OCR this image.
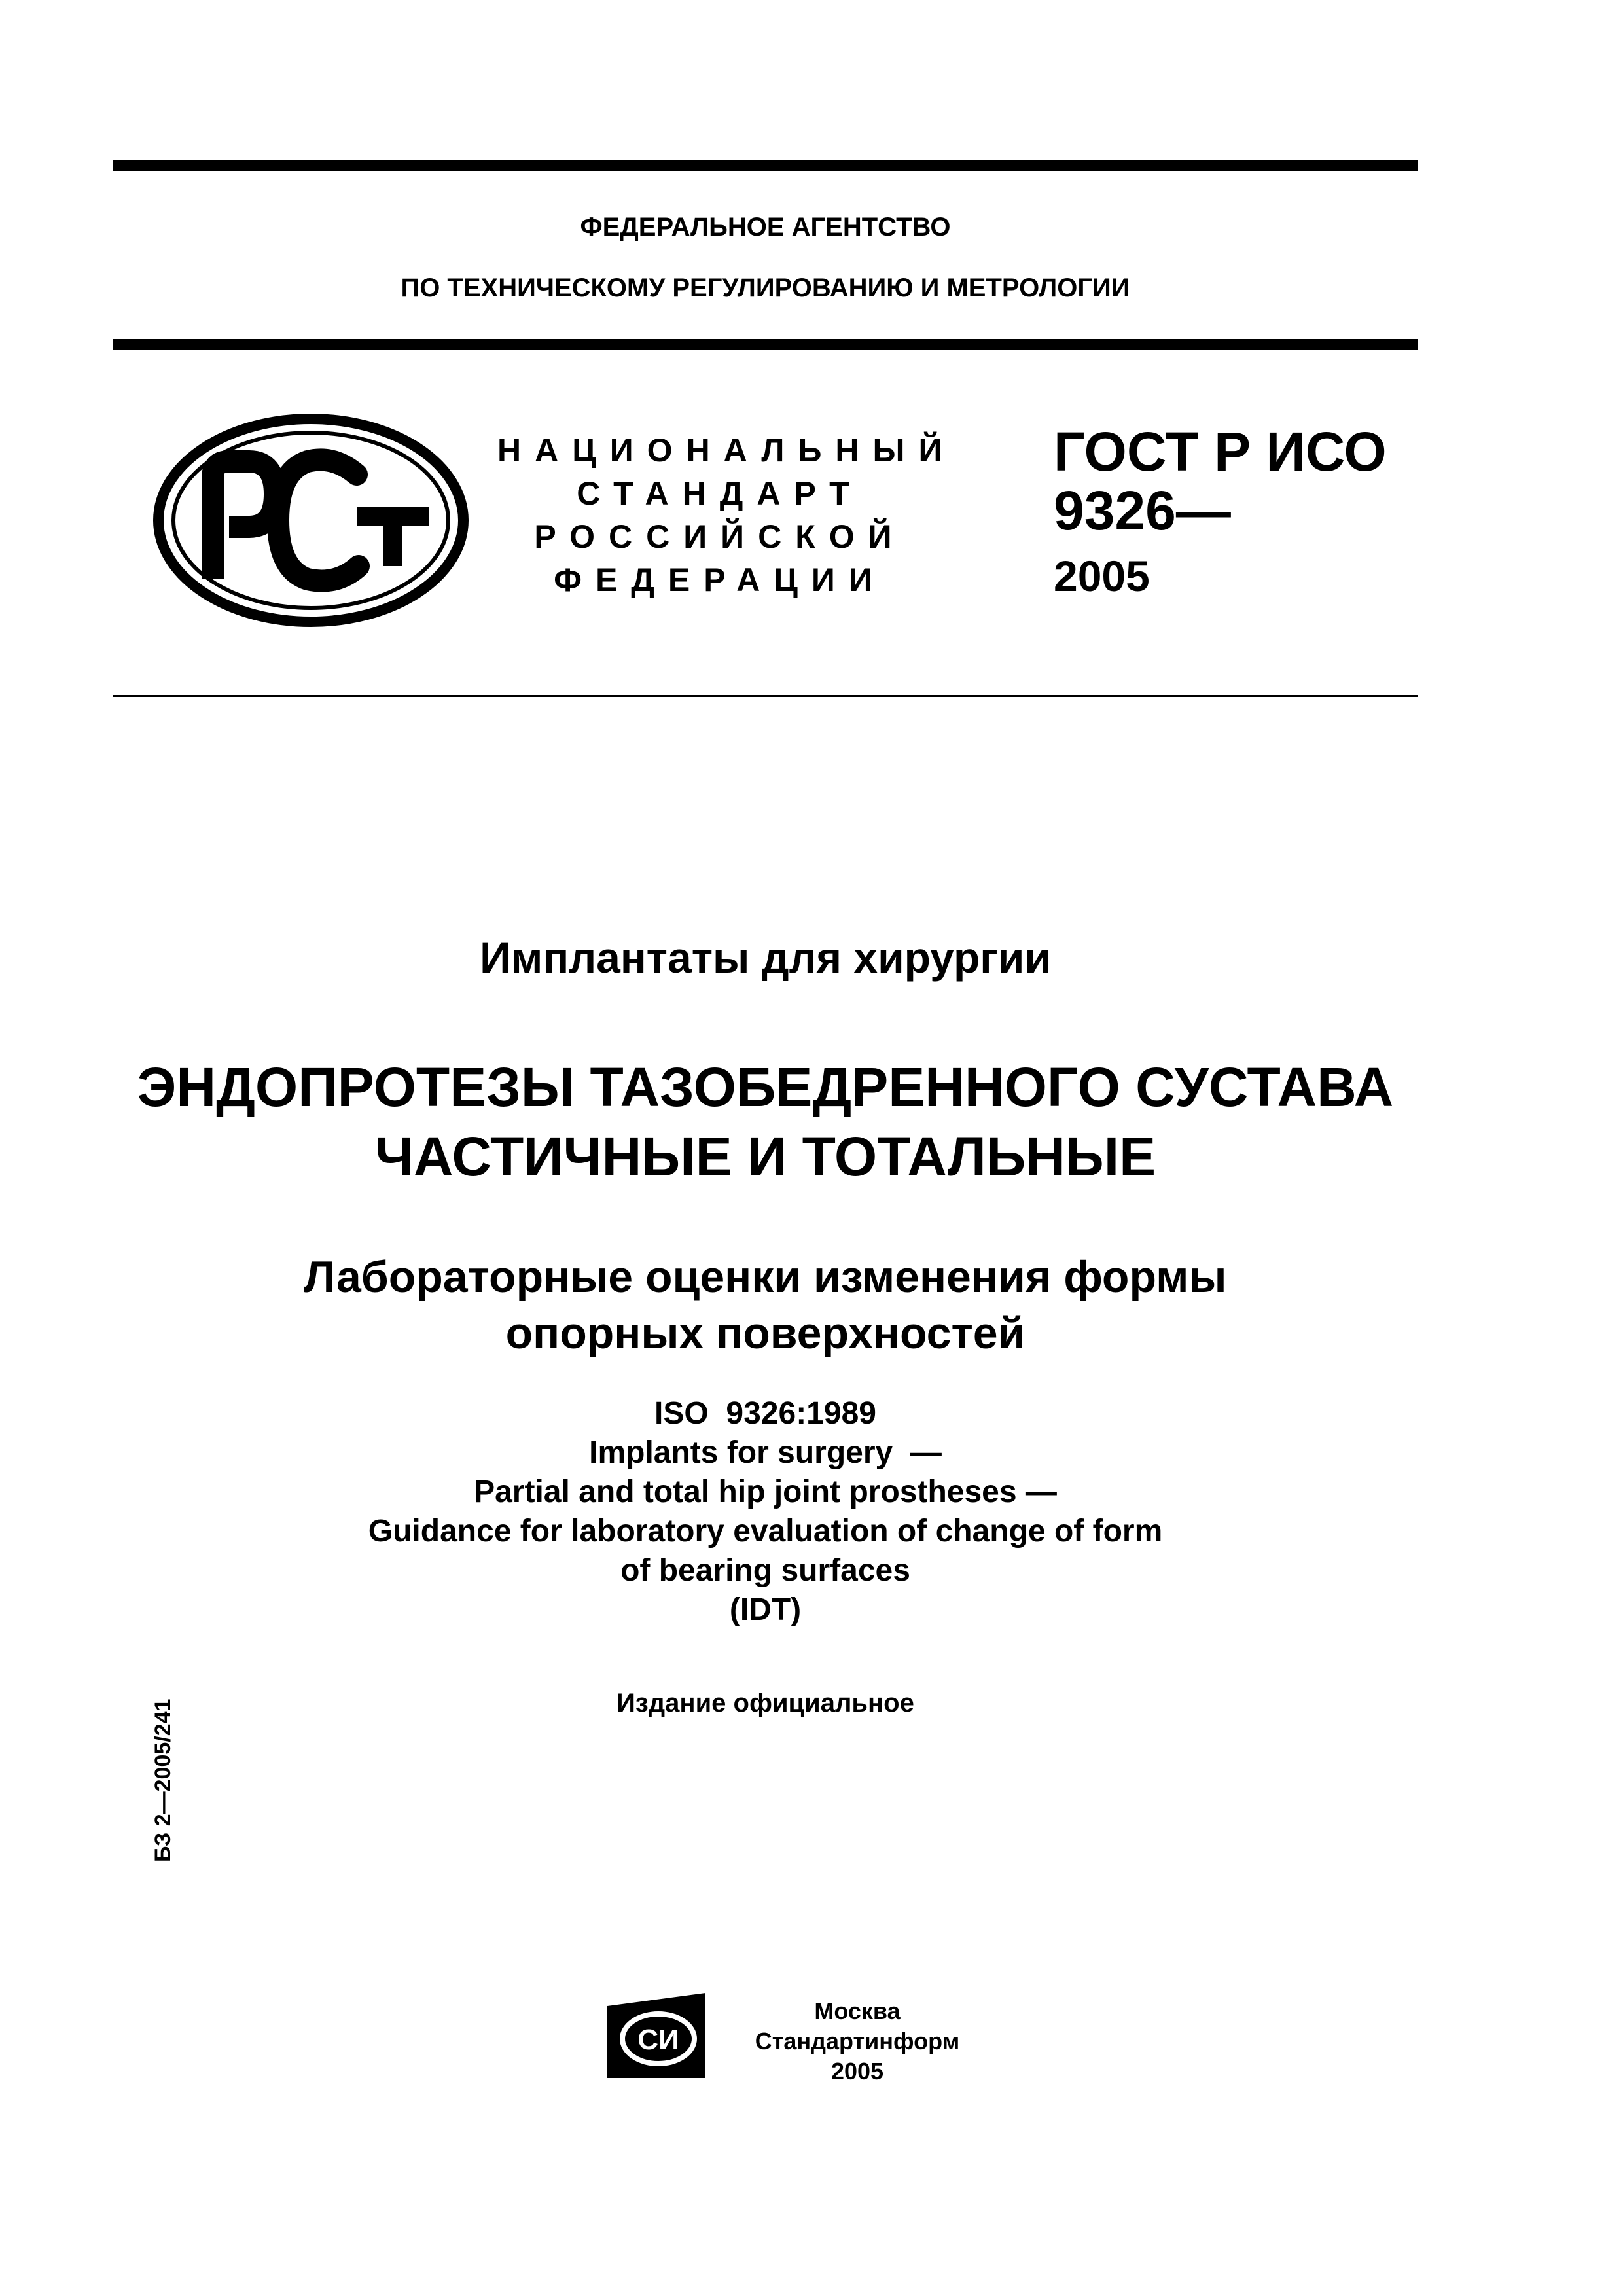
ФЕДЕРАЛЬНОЕ АГЕНТСТВО
ПО ТЕХНИЧЕСКОМУ РЕГУЛИРОВАНИЮ И МЕТРОЛОГИИ
НАЦИОНАЛЬНЫЙ
СТАНДАРТ
РОССИЙСКОЙ
ФЕДЕРАЦИИ
ГОСТ Р ИСО
9326—
2005
Имплантаты для хирургии
ЭНДОПРОТЕЗЫ ТАЗОБЕДРЕННОГО СУСТАВА
ЧАСТИЧНЫЕ И ТОТАЛЬНЫЕ
Лабораторные оценки изменения формы
опорных поверхностей
ISO  9326:1989
Implants for surgery  —
Partial and total hip joint prostheses —
Guidance for laboratory evaluation of change of form
of bearing surfaces
(IDT)
Издание официальное
БЗ 2—2005/241
СИ
Москва
Стандартинформ
2005
